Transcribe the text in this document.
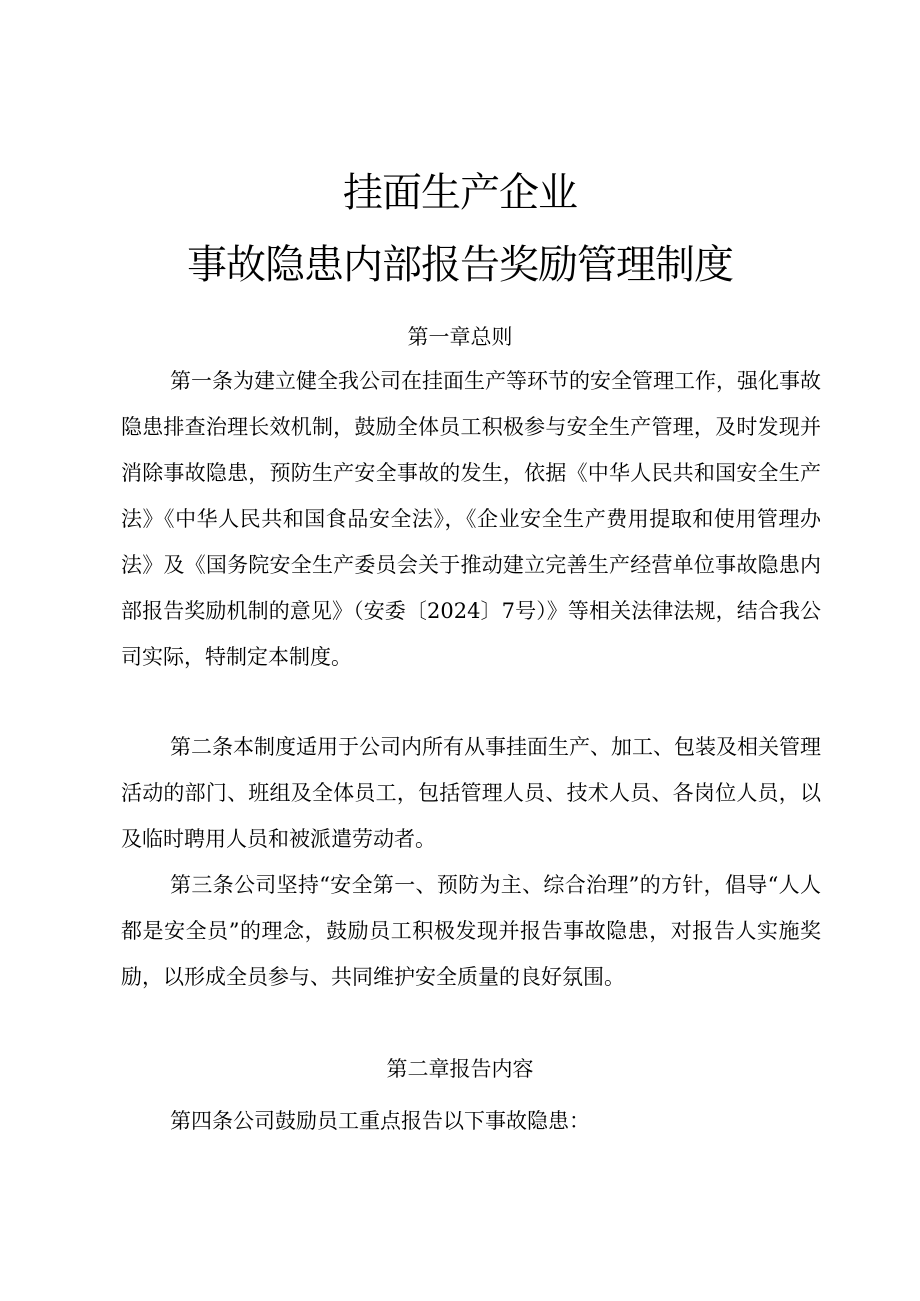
挂面生产企业
事故隐患内部报告奖励管理制度
第一章总则
第一条为建立健全我公司在挂面生产等环节的安全管理工作，强化事故隐患排查治理长效机制，鼓励全体员工积极参与安全生产管理，及时发现并消除事故隐患，预防生产安全事故的发生，依据《中华人民共和国安全生产法》《中华人民共和国食品安全法》，《企业安全生产费用提取和使用管理办法》及《国务院安全生产委员会关于推动建立完善生产经营单位事故隐患内部报告奖励机制的意见》（安委〔2024〕7号）》等相关法律法规，结合我公司实际，特制定本制度。
第二条本制度适用于公司内所有从事挂面生产、加工、包装及相关管理活动的部门、班组及全体员工，包括管理人员、技术人员、各岗位人员，以及临时聘用人员和被派遣劳动者。
第三条公司坚持“安全第一、预防为主、综合治理”的方针，倡导“人人都是安全员”的理念，鼓励员工积极发现并报告事故隐患，对报告人实施奖励，以形成全员参与、共同维护安全质量的良好氛围。
第二章报告内容
第四条公司鼓励员工重点报告以下事故隐患：
